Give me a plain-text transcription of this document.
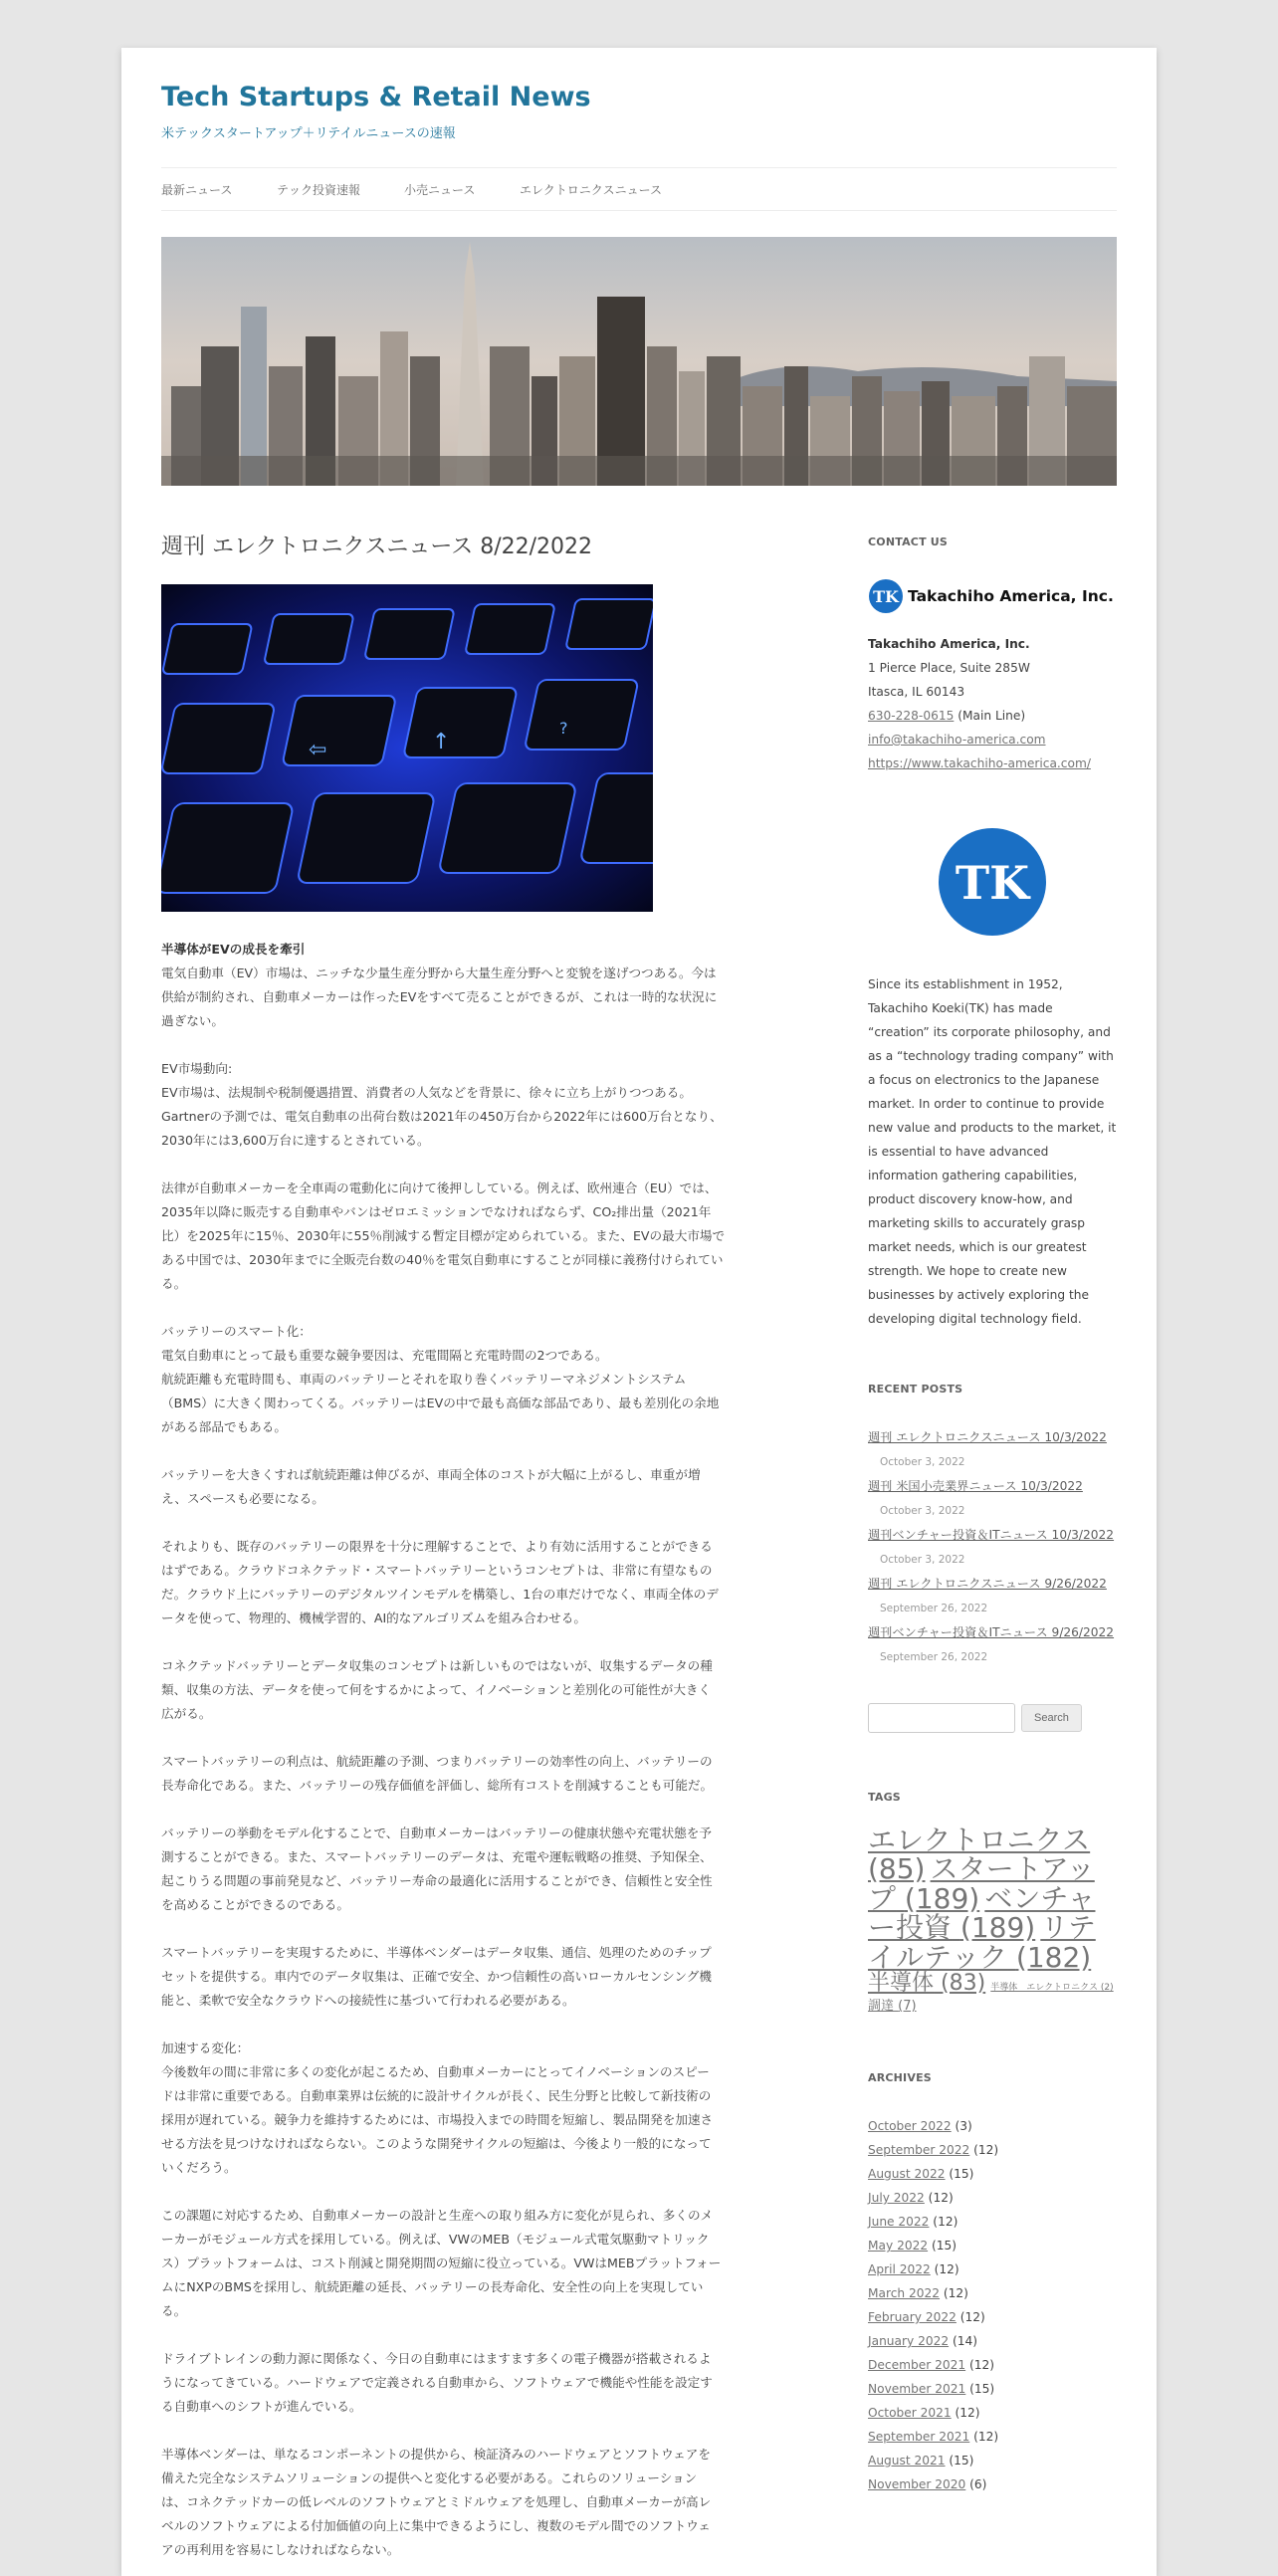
Tech Startups & Retail News
米テックスタートアップ＋リテイルニュースの速報
最新ニュース	テック投資速報	小売ニュース	エレクトロニクスニュース
週刊 エレクトロニクスニュース 8/22/2022
⇦	↑
?
半導体がEVの成長を牽引
電気自動車（EV）市場は、ニッチな少量生産分野から大量生産分野へと変貌を遂げつつある。今は
供給が制約され、自動車メーカーは作ったEVをすべて売ることができるが、これは一時的な状況に
過ぎない。
EV市場動向:
EV市場は、法規制や税制優遇措置、消費者の人気などを背景に、徐々に立ち上がりつつある。
Gartnerの予測では、電気自動車の出荷台数は2021年の450万台から2022年には600万台となり、
2030年には3,600万台に達するとされている。
法律が自動車メーカーを全車両の電動化に向けて後押ししている。例えば、欧州連合（EU）では、
2035年以降に販売する自動車やバンはゼロエミッションでなければならず、CO₂排出量（2021年
比）を2025年に15％、2030年に55％削減する暫定目標が定められている。また、EVの最大市場で
ある中国では、2030年までに全販売台数の40％を電気自動車にすることが同様に義務付けられてい
る。
バッテリーのスマート化：
電気自動車にとって最も重要な競争要因は、充電間隔と充電時間の2つである。
航続距離も充電時間も、車両のバッテリーとそれを取り巻くバッテリーマネジメントシステム
（BMS）に大きく関わってくる。バッテリーはEVの中で最も高価な部品であり、最も差別化の余地
がある部品でもある。
バッテリーを大きくすれば航続距離は伸びるが、車両全体のコストが大幅に上がるし、車重が増
え、スペースも必要になる。
それよりも、既存のバッテリーの限界を十分に理解することで、より有効に活用することができる
はずである。クラウドコネクテッド・スマートバッテリーというコンセプトは、非常に有望なもの
だ。クラウド上にバッテリーのデジタルツインモデルを構築し、1台の車だけでなく、車両全体のデ
ータを使って、物理的、機械学習的、AI的なアルゴリズムを組み合わせる。
コネクテッドバッテリーとデータ収集のコンセプトは新しいものではないが、収集するデータの種
類、収集の方法、データを使って何をするかによって、イノベーションと差別化の可能性が大きく
広がる。
スマートバッテリーの利点は、航続距離の予測、つまりバッテリーの効率性の向上、バッテリーの
長寿命化である。また、バッテリーの残存価値を評価し、総所有コストを削減することも可能だ。
バッテリーの挙動をモデル化することで、自動車メーカーはバッテリーの健康状態や充電状態を予
測することができる。また、スマートバッテリーのデータは、充電や運転戦略の推奨、予知保全、
起こりうる問題の事前発見など、バッテリー寿命の最適化に活用することができ、信頼性と安全性
を高めることができるのである。
スマートバッテリーを実現するために、半導体ベンダーはデータ収集、通信、処理のためのチップ
セットを提供する。車内でのデータ収集は、正確で安全、かつ信頼性の高いローカルセンシング機
能と、柔軟で安全なクラウドへの接続性に基づいて行われる必要がある。
加速する変化：
今後数年の間に非常に多くの変化が起こるため、自動車メーカーにとってイノベーションのスピー
ドは非常に重要である。自動車業界は伝統的に設計サイクルが長く、民生分野と比較して新技術の
採用が遅れている。競争力を維持するためには、市場投入までの時間を短縮し、製品開発を加速さ
せる方法を見つけなければならない。このような開発サイクルの短縮は、今後より一般的になって
いくだろう。
この課題に対応するため、自動車メーカーの設計と生産への取り組み方に変化が見られ、多くのメ
ーカーがモジュール方式を採用している。例えば、VWのMEB（モジュール式電気駆動マトリック
ス）プラットフォームは、コスト削減と開発期間の短縮に役立っている。VWはMEBプラットフォー
ムにNXPのBMSを採用し、航続距離の延長、バッテリーの長寿命化、安全性の向上を実現してい
る。
ドライブトレインの動力源に関係なく、今日の自動車にはますます多くの電子機器が搭載されるよ
うになってきている。ハードウェアで定義される自動車から、ソフトウェアで機能や性能を設定す
る自動車へのシフトが進んでいる。
半導体ベンダーは、単なるコンポーネントの提供から、検証済みのハードウェアとソフトウェアを
備えた完全なシステムソリューションの提供へと変化する必要がある。これらのソリューション
は、コネクテッドカーの低レベルのソフトウェアとミドルウェアを処理し、自動車メーカーが高レ
ベルのソフトウェアによる付加価値の向上に集中できるようにし、複数のモデル間でのソフトウェ
アの再利用を容易にしなければならない。
CONTACT US
TK Takachiho America, Inc.
Takachiho America, Inc.
1 Pierce Place, Suite 285W
Itasca, IL 60143
630-228-0615 (Main Line)
info@takachiho-america.com
https://www.takachiho-america.com/
TK
Since its establishment in 1952, Takachiho Koeki(TK) has made “creation” its corporate philosophy, and as a “technology trading company” with a focus on electronics to the Japanese market. In order to continue to provide new value and products to the market, it is essential to have advanced information gathering capabilities, product discovery know-how, and marketing skills to accurately grasp market needs, which is our greatest strength. We hope to create new businesses by actively exploring the developing digital technology field.
RECENT POSTS
週刊 エレクトロニクスニュース 10/3/2022
October 3, 2022
週刊 米国小売業界ニュース 10/3/2022
October 3, 2022
週刊ベンチャー投資＆ITニュース 10/3/2022 October 3, 2022
週刊 エレクトロニクスニュース 9/26/2022
September 26, 2022
週刊ベンチャー投資＆ITニュース 9/26/2022 September 26, 2022
Search
TAGS
エレクトロニクス (85) スタートアップ (189) ベンチャー投資 (189) リテイルテック (182) 半導体 (83) 半導体　エレクトロニクス (2) 調達 (7)
ARCHIVES
October 2022 (3)
September 2022 (12)
August 2022 (15)
July 2022 (12)
June 2022 (12)
May 2022 (15)
April 2022 (12)
March 2022 (12)
February 2022 (12)
January 2022 (14)
December 2021 (12)
November 2021 (15)
October 2021 (12)
September 2021 (12)
August 2021 (15)
November 2020 (6)
